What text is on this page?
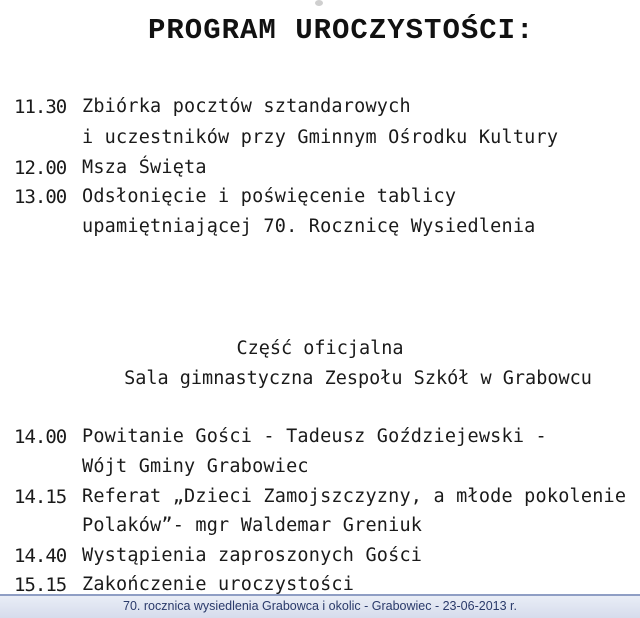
PROGRAM UROCZYSTOŚCI:
11.30 Zbiórka pocztów sztandarowych
i uczestników przy Gminnym Ośrodku Kultury
12.00 Msza Święta
13.00 Odsłonięcie i poświęcenie tablicy
upamiętniającej 70. Rocznicę Wysiedlenia
Część oficjalna
Sala gimnastyczna Zespołu Szkół w Grabowcu
14.00 Powitanie Gości - Tadeusz Goździejewski -
Wójt Gminy Grabowiec
14.15 Referat „Dzieci Zamojszczyzny, a młode pokolenie
Polaków”- mgr Waldemar Greniuk
14.40 Wystąpienia zaproszonych Gości
15.15 Zakończenie uroczystości
70. rocznica wysiedlenia Grabowca i okolic - Grabowiec - 23-06-2013 r.
